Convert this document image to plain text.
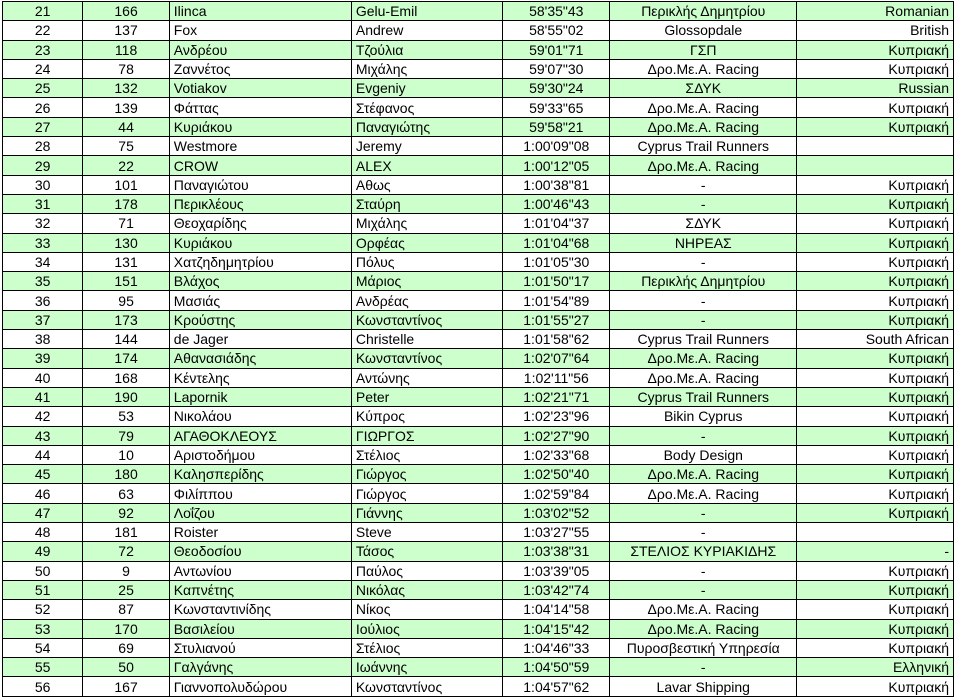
21	166	Ilinca	Gelu-Emil	58'35"43	Περικλής Δημητρίου	Romanian
22	137	Fox	Andrew	58'55"02	Glossopdale	British
23	118	Ανδρέου	Τζούλια	59'01"71	ΓΣΠ	Κυπριακή
24	78	Ζαννέτος	Μιχάλης	59'07"30	Δρο.Με.Α. Racing	Κυπριακή
25	132	Votiakov	Evgeniy	59'30"24	ΣΔΥΚ	Russian
26	139	Φάττας	Στέφανος	59'33"65	Δρο.Με.Α. Racing	Κυπριακή
27	44	Κυριάκου	Παναγιώτης	59'58"21	Δρο.Με.Α. Racing	Κυπριακή
28	75	Westmore	Jeremy	1:00'09"08	Cyprus Trail Runners	
29	22	CROW	ALEX	1:00'12"05	Δρο.Με.Α. Racing	
30	101	Παναγιώτου	Αθως	1:00'38"81	-	Κυπριακή
31	178	Περικλέους	Σταύρη	1:00'46"43	-	Κυπριακή
32	71	Θεοχαρίδης	Μιχάλης	1:01'04"37	ΣΔΥΚ	Κυπριακή
33	130	Κυριάκου	Ορφέας	1:01'04"68	ΝΗΡΕΑΣ	Κυπριακή
34	131	Χατζηδημητρίου	Πόλυς	1:01'05"30	-	Κυπριακή
35	151	Βλάχος	Μάριος	1:01'50"17	Περικλής Δημητρίου	Κυπριακή
36	95	Μασιάς	Ανδρέας	1:01'54"89	-	Κυπριακή
37	173	Κρούστης	Κωνσταντίνος	1:01'55"27	-	Κυπριακή
38	144	de Jager	Christelle	1:01'58"62	Cyprus Trail Runners	South African
39	174	Αθανασιάδης	Κωνσταντίνος	1:02'07"64	Δρο.Με.Α. Racing	Κυπριακή
40	168	Κέντελης	Αντώνης	1:02'11"56	Δρο.Με.Α. Racing	Κυπριακή
41	190	Lapornik	Peter	1:02'21"71	Cyprus Trail Runners	Κυπριακή
42	53	Νικολάου	Κύπρος	1:02'23"96	Bikin Cyprus	Κυπριακή
43	79	ΑΓΑΘΟΚΛΕΟΥΣ	ΓΙΩΡΓΟΣ	1:02'27"90	-	Κυπριακή
44	10	Αριστοδήμου	Στέλιος	1:02'33"68	Body Design	Κυπριακή
45	180	Καλησπερίδης	Γιώργος	1:02'50"40	Δρο.Με.Α. Racing	Κυπριακή
46	63	Φιλίππου	Γιώργος	1:02'59"84	Δρο.Με.Α. Racing	Κυπριακή
47	92	Λοΐζου	Γιάννης	1:03'02"52	-	Κυπριακή
48	181	Roister	Steve	1:03'27"55	-	
49	72	Θεοδοσίου	Τάσος	1:03'38"31	ΣΤΕΛΙΟΣ ΚΥΡΙΑΚΙΔΗΣ	-
50	9	Αντωνίου	Παύλος	1:03'39"05	-	Κυπριακή
51	25	Καπνέτης	Νικόλας	1:03'42"74	-	Κυπριακή
52	87	Κωνσταντινίδης	Νίκος	1:04'14"58	Δρο.Με.Α. Racing	Κυπριακή
53	170	Βασιλείου	Ιούλιος	1:04'15"42	Δρο.Με.Α. Racing	Κυπριακή
54	69	Στυλιανού	Στέλιος	1:04'46"33	Πυροσβεστική Υπηρεσία	Κυπριακή
55	50	Γαλγάνης	Ιωάννης	1:04'50"59	-	Ελληνική
56	167	Γιαννοπολυδώρου	Κωνσταντίνος	1:04'57"62	Lavar Shipping	Κυπριακή
